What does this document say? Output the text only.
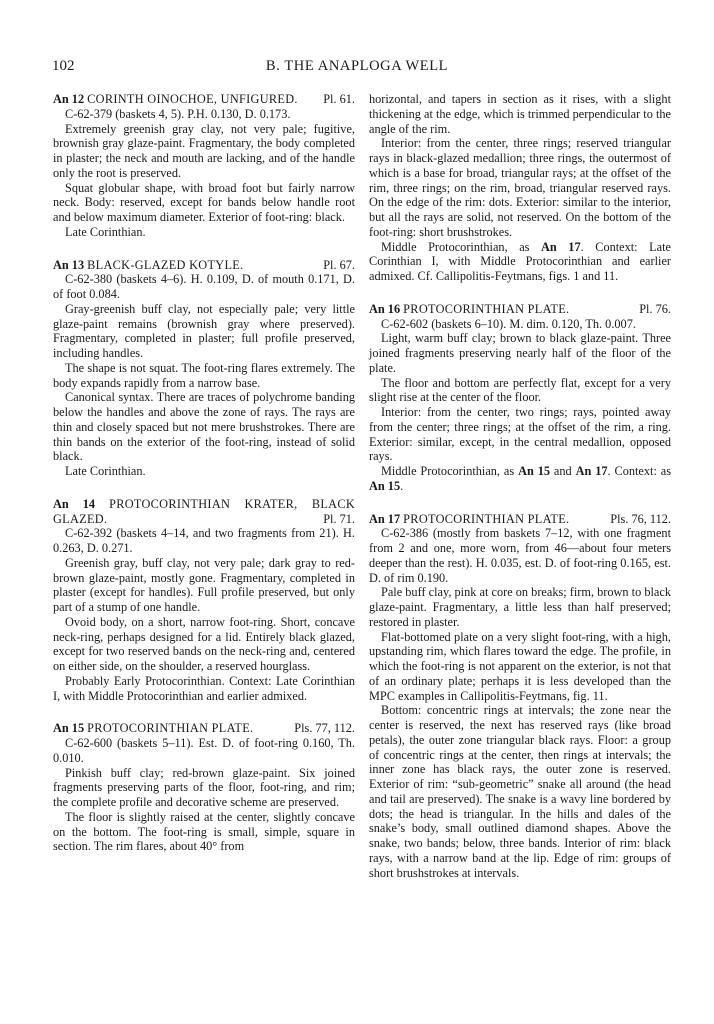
102	B. THE ANAPLOGA WELL

An 12 CORINTH OINOCHOE, UNFIGURED. Pl. 61.

C-62-379 (baskets 4, 5). P.H. 0.130, D. 0.173.

Extremely greenish gray clay, not very pale; fugitive, brownish gray glaze-paint. Fragmentary, the body completed in plaster; the neck and mouth are lacking, and of the handle only the root is preserved.

Squat globular shape, with broad foot but fairly narrow neck. Body: reserved, except for bands below handle root and below maximum diameter. Exterior of foot-ring: black.

Late Corinthian.

An 13 BLACK-GLAZED KOTYLE.	Pl. 67.

C-62-380 (baskets 4–6). H. 0.109, D. of mouth 0.171, D. of foot 0.084.

Gray-greenish buff clay, not especially pale; very little glaze-paint remains (brownish gray where preserved). Fragmentary, completed in plaster; full profile preserved, including handles.

The shape is not squat. The foot-ring flares extremely. The body expands rapidly from a narrow base.

Canonical syntax. There are traces of polychrome banding below the handles and above the zone of rays. The rays are thin and closely spaced but not mere brushstrokes. There are thin bands on the exterior of the foot-ring, instead of solid black.

Late Corinthian.

An 14 PROTOCORINTHIAN KRATER, BLACK GLAZED.	Pl. 71.

C-62-392 (baskets 4–14, and two fragments from 21). H. 0.263, D. 0.271.

Greenish gray, buff clay, not very pale; dark gray to red-brown glaze-paint, mostly gone. Fragmentary, completed in plaster (except for handles). Full profile preserved, but only part of a stump of one handle.

Ovoid body, on a short, narrow foot-ring. Short, concave neck-ring, perhaps designed for a lid. Entirely black glazed, except for two reserved bands on the neck-ring and, centered on either side, on the shoulder, a reserved hourglass.

Probably Early Protocorinthian. Context: Late Corinthian I, with Middle Protocorinthian and earlier admixed.

An 15 PROTOCORINTHIAN PLATE.	Pls. 77, 112.

C-62-600 (baskets 5–11). Est. D. of foot-ring 0.160, Th. 0.010.

Pinkish buff clay; red-brown glaze-paint. Six joined fragments preserving parts of the floor, foot-ring, and rim; the complete profile and decorative scheme are preserved.

The floor is slightly raised at the center, slightly concave on the bottom. The foot-ring is small, simple, square in section. The rim flares, about 40° from

horizontal, and tapers in section as it rises, with a slight thickening at the edge, which is trimmed perpendicular to the angle of the rim.

Interior: from the center, three rings; reserved triangular rays in black-glazed medallion; three rings, the outermost of which is a base for broad, triangular rays; at the offset of the rim, three rings; on the rim, broad, triangular reserved rays. On the edge of the rim: dots. Exterior: similar to the interior, but all the rays are solid, not reserved. On the bottom of the foot-ring: short brushstrokes.

Middle Protocorinthian, as An 17. Context: Late Corinthian I, with Middle Protocorinthian and earlier admixed. Cf. Callipolitis-Feytmans, figs. 1 and 11.

An 16 PROTOCORINTHIAN PLATE.	Pl. 76.

C-62-602 (baskets 6–10). M. dim. 0.120, Th. 0.007.

Light, warm buff clay; brown to black glaze-paint. Three joined fragments preserving nearly half of the floor of the plate.

The floor and bottom are perfectly flat, except for a very slight rise at the center of the floor.

Interior: from the center, two rings; rays, pointed away from the center; three rings; at the offset of the rim, a ring. Exterior: similar, except, in the central medallion, opposed rays.

Middle Protocorinthian, as An 15 and An 17. Context: as An 15.

An 17 PROTOCORINTHIAN PLATE.	Pls. 76, 112.

C-62-386 (mostly from baskets 7–12, with one fragment from 2 and one, more worn, from 46—about four meters deeper than the rest). H. 0.035, est. D. of foot-ring 0.165, est. D. of rim 0.190.

Pale buff clay, pink at core on breaks; firm, brown to black glaze-paint. Fragmentary, a little less than half preserved; restored in plaster.

Flat-bottomed plate on a very slight foot-ring, with a high, upstanding rim, which flares toward the edge. The profile, in which the foot-ring is not apparent on the exterior, is not that of an ordinary plate; perhaps it is less developed than the MPC examples in Callipolitis-Feytmans, fig. 11.

Bottom: concentric rings at intervals; the zone near the center is reserved, the next has reserved rays (like broad petals), the outer zone triangular black rays. Floor: a group of concentric rings at the center, then rings at intervals; the inner zone has black rays, the outer zone is reserved. Exterior of rim: “sub-geometric” snake all around (the head and tail are preserved). The snake is a wavy line bordered by dots; the head is triangular. In the hills and dales of the snake’s body, small outlined diamond shapes. Above the snake, two bands; below, three bands. Interior of rim: black rays, with a narrow band at the lip. Edge of rim: groups of short brushstrokes at intervals.
